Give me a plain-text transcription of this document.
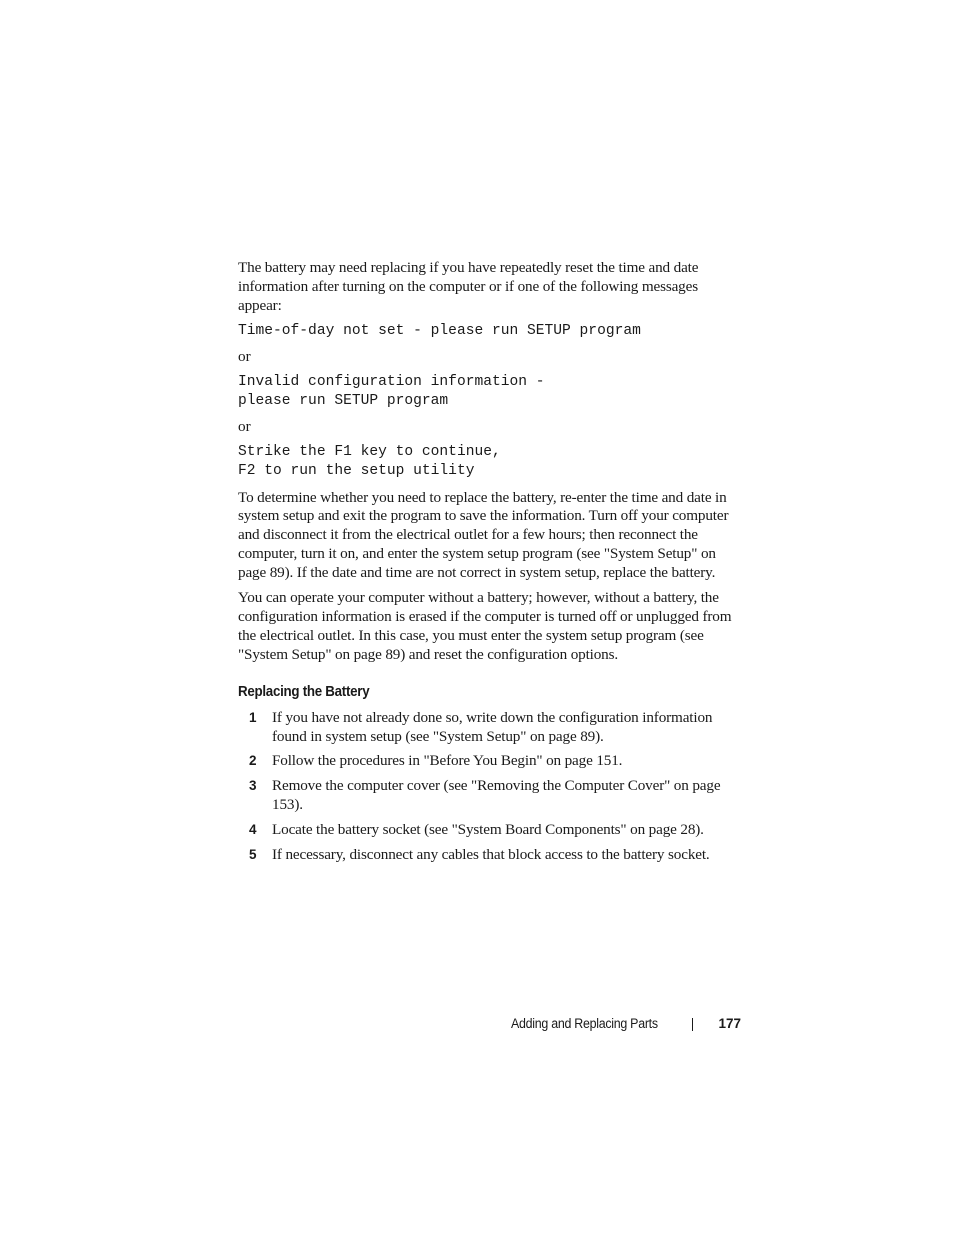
The battery may need replacing if you have repeatedly reset the time and date information after turning on the computer or if one of the following messages appear:

Time-of-day not set - please run SETUP program

or

Invalid configuration information -
please run SETUP program

or

Strike the F1 key to continue,
F2 to run the setup utility

To determine whether you need to replace the battery, re-enter the time and date in system setup and exit the program to save the information. Turn off your computer and disconnect it from the electrical outlet for a few hours; then reconnect the computer, turn it on, and enter the system setup program (see "System Setup" on page 89). If the date and time are not correct in system setup, replace the battery.

You can operate your computer without a battery; however, without a battery, the configuration information is erased if the computer is turned off or unplugged from the electrical outlet. In this case, you must enter the system setup program (see "System Setup" on page 89) and reset the configuration options.

Replacing the Battery
1 If you have not already done so, write down the configuration information found in system setup (see "System Setup" on page 89).
2 Follow the procedures in "Before You Begin" on page 151.
3 Remove the computer cover (see "Removing the Computer Cover" on page 153).
4 Locate the battery socket (see "System Board Components" on page 28).
5 If necessary, disconnect any cables that block access to the battery socket.
Adding and Replacing Parts	177
